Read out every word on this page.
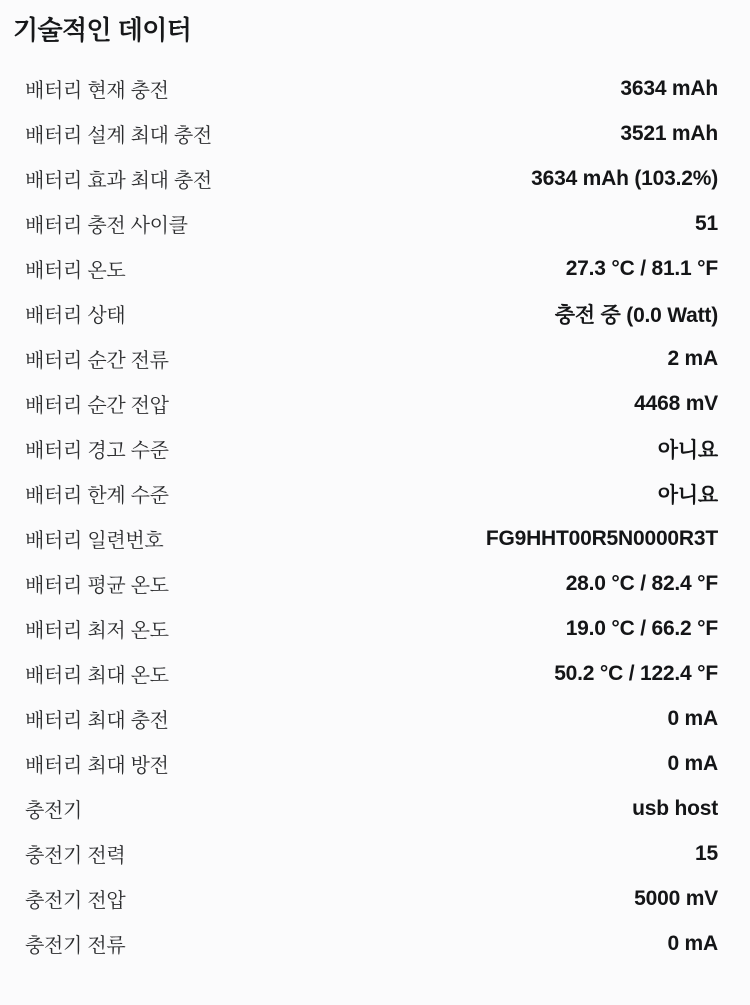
기술적인 데이터
배터리 현재 충전	3634 mAh
배터리 설계 최대 충전	3521 mAh
배터리 효과 최대 충전	3634 mAh (103.2%)
배터리 충전 사이클	51
배터리 온도	27.3 °C / 81.1 °F
배터리 상태	충전 중 (0.0 Watt)
배터리 순간 전류	2 mA
배터리 순간 전압	4468 mV
배터리 경고 수준	아니요
배터리 한계 수준	아니요
배터리 일련번호	FG9HHT00R5N0000R3T
배터리 평균 온도	28.0 °C / 82.4 °F
배터리 최저 온도	19.0 °C / 66.2 °F
배터리 최대 온도	50.2 °C / 122.4 °F
배터리 최대 충전	0 mA
배터리 최대 방전	0 mA
충전기	usb host
충전기 전력	15
충전기 전압	5000 mV
충전기 전류	0 mA
